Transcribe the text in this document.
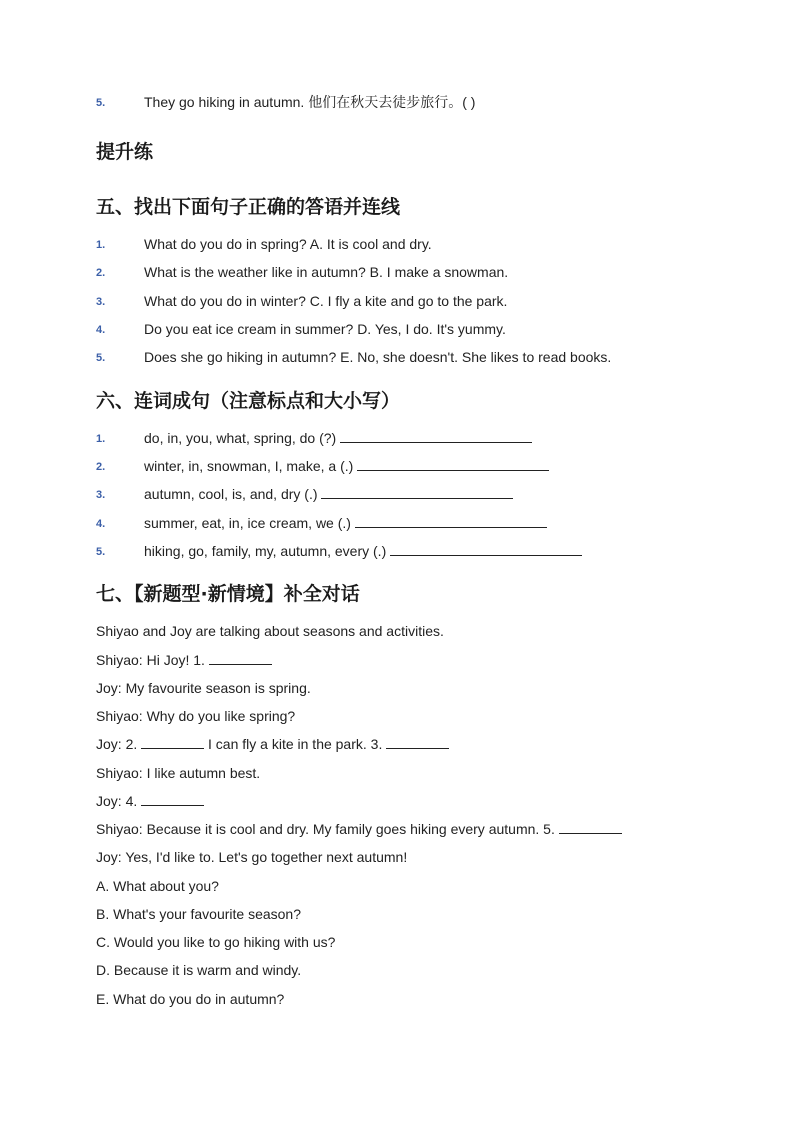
5.	They go hiking in autumn. 他们在秋天去徒步旅行。( )
提升练
五、找出下面句子正确的答语并连线
1.	What do you do in spring? A. It is cool and dry.
2.	What is the weather like in autumn? B. I make a snowman.
3.	What do you do in winter? C. I fly a kite and go to the park.
4.	Do you eat ice cream in summer? D. Yes, I do. It's yummy.
5.	Does she go hiking in autumn? E. No, she doesn't. She likes to read books.
六、连词成句（注意标点和大小写）
1.	do, in, you, what, spring, do (?)
2.	winter, in, snowman, I, make, a (.)
3.	autumn, cool, is, and, dry (.)
4.	summer, eat, in, ice cream, we (.)
5.	hiking, go, family, my, autumn, every (.)
七、【新题型·新情境】补全对话
Shiyao and Joy are talking about seasons and activities.
Shiyao: Hi Joy! 1.
Joy: My favourite season is spring.
Shiyao: Why do you like spring?
Joy: 2.	I can fly a kite in the park. 3.
Shiyao: I like autumn best.
Joy: 4.
Shiyao: Because it is cool and dry. My family goes hiking every autumn. 5.
Joy: Yes, I'd like to. Let's go together next autumn!
A. What about you?
B. What's your favourite season?
C. Would you like to go hiking with us?
D. Because it is warm and windy.
E. What do you do in autumn?
